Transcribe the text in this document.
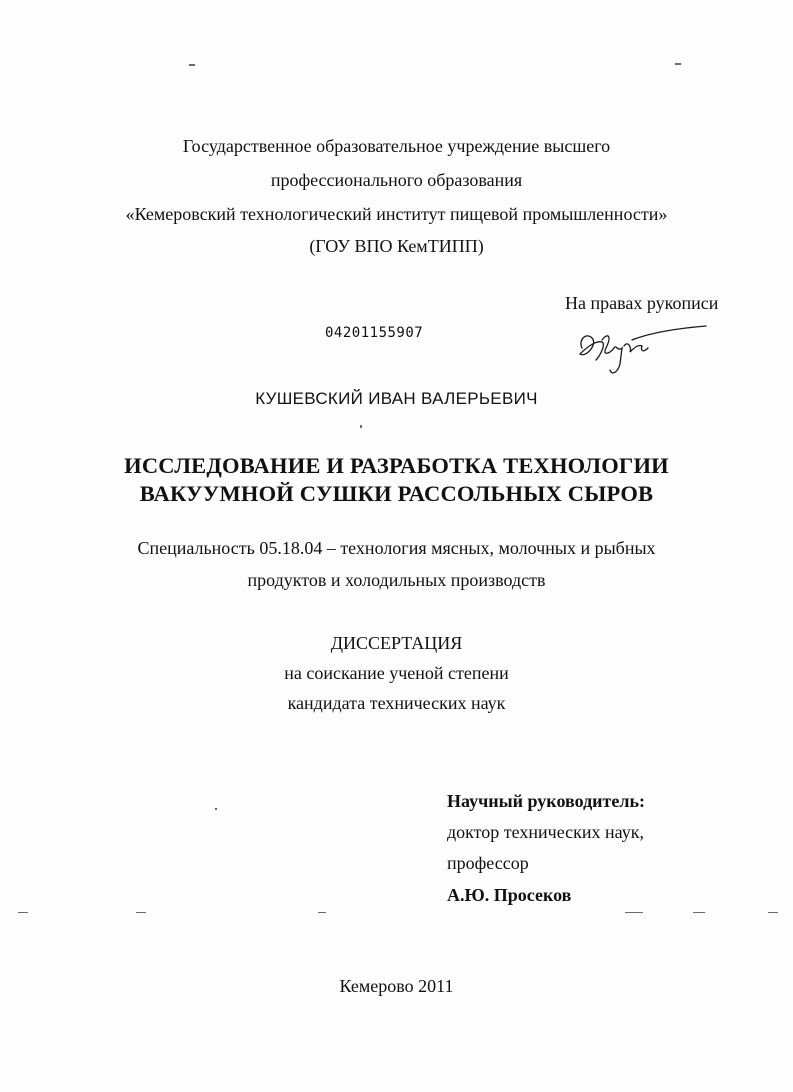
Государственное образовательное учреждение высшего
профессионального образования
«Кемеровский технологический институт пищевой промышленности»
(ГОУ ВПО КемТИПП)
На правах рукописи
04201155907
КУШЕВСКИЙ ИВАН ВАЛЕРЬЕВИЧ
ИССЛЕДОВАНИЕ И РАЗРАБОТКА ТЕХНОЛОГИИ
ВАКУУМНОЙ СУШКИ РАССОЛЬНЫХ СЫРОВ
Специальность 05.18.04 – технология мясных, молочных и рыбных
продуктов и холодильных производств
ДИССЕРТАЦИЯ
на соискание ученой степени
кандидата технических наук
Научный руководитель:
доктор технических наук,
профессор
А.Ю. Просеков
Кемерово 2011
